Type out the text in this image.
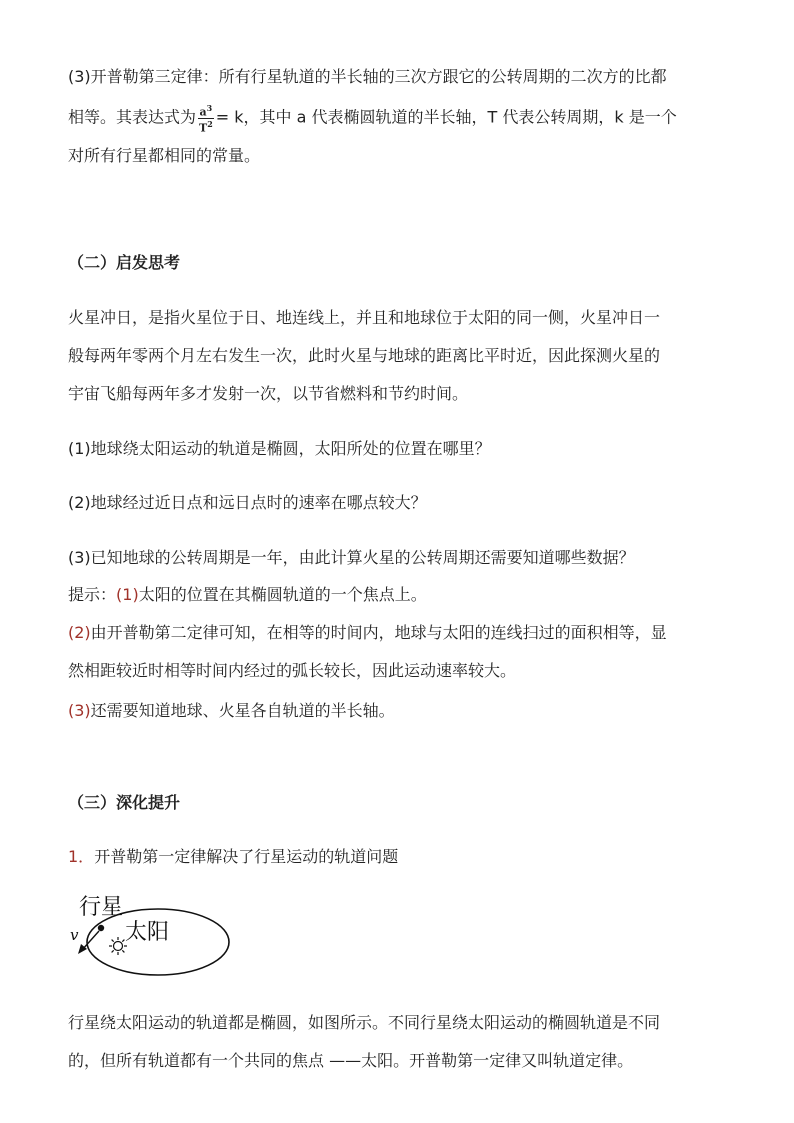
(3)开普勒第三定律：所有行星轨道的半长轴的三次方跟它的公转周期的二次方的比都
相等。其表达式为 $\frac{a^3}{T^2} = k$，其中 a 代表椭圆轨道的半长轴，T 代表公转周期，k 是一个
对所有行星都相同的常量。
（二）启发思考
火星冲日，是指火星位于日、地连线上，并且和地球位于太阳的同一侧，火星冲日一
般每两年零两个月左右发生一次，此时火星与地球的距离比平时近，因此探测火星的
宇宙飞船每两年多才发射一次，以节省燃料和节约时间。
(1)地球绕太阳运动的轨道是椭圆，太阳所处的位置在哪里？
(2)地球经过近日点和远日点时的速率在哪点较大？
(3)已知地球的公转周期是一年，由此计算火星的公转周期还需要知道哪些数据？
提示：(1)太阳的位置在其椭圆轨道的一个焦点上。
(2)由开普勒第二定律可知，在相等的时间内，地球与太阳的连线扫过的面积相等，显
然相距较近时相等时间内经过的弧长较长，因此运动速率较大。
(3)还需要知道地球、火星各自轨道的半长轴。
（三）深化提升
1．开普勒第一定律解决了行星运动的轨道问题
行星
太阳
v
行星绕太阳运动的轨道都是椭圆，如图所示。不同行星绕太阳运动的椭圆轨道是不同
的，但所有轨道都有一个共同的焦点 ——太阳。开普勒第一定律又叫轨道定律。
